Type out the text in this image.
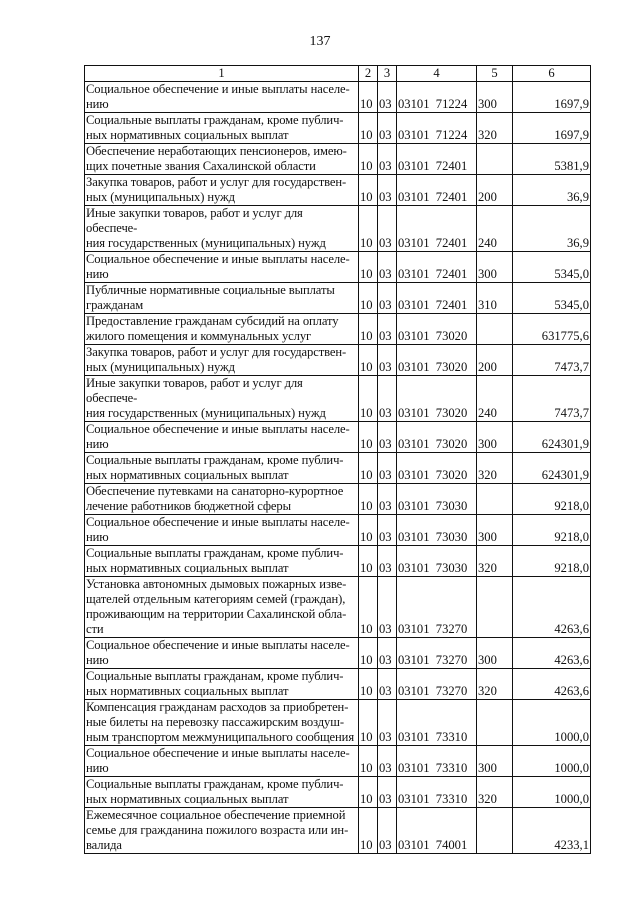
137
1	2	3	4	5	6

Социальное обеспечение и иные выплаты населе-
нию	10	03	03101  71224	300	1697,9

Социальные выплаты гражданам, кроме публич-
ных нормативных социальных выплат	10	03	03101  71224	320	1697,9

Обеспечение неработающих пенсионеров, имею-
щих почетные звания Сахалинской области	10	03	03101  72401		5381,9

Закупка товаров, работ и услуг для государствен-
ных (муниципальных) нужд	10	03	03101  72401	200	36,9

Иные закупки товаров, работ и услуг для обеспече-
ния государственных (муниципальных) нужд	10	03	03101  72401	240	36,9

Социальное обеспечение и иные выплаты населе-
нию	10	03	03101  72401	300	5345,0

Публичные нормативные социальные выплаты
гражданам	10	03	03101  72401	310	5345,0

Предоставление гражданам субсидий на оплату
жилого помещения и коммунальных услуг	10	03	03101  73020		631775,6

Закупка товаров, работ и услуг для государствен-
ных (муниципальных) нужд	10	03	03101  73020	200	7473,7

Иные закупки товаров, работ и услуг для обеспече-
ния государственных (муниципальных) нужд	10	03	03101  73020	240	7473,7

Социальное обеспечение и иные выплаты населе-
нию	10	03	03101  73020	300	624301,9

Социальные выплаты гражданам, кроме публич-
ных нормативных социальных выплат	10	03	03101  73020	320	624301,9

Обеспечение путевками на санаторно-курортное
лечение работников бюджетной сферы	10	03	03101  73030		9218,0

Социальное обеспечение и иные выплаты населе-
нию	10	03	03101  73030	300	9218,0

Социальные выплаты гражданам, кроме публич-
ных нормативных социальных выплат	10	03	03101  73030	320	9218,0

Установка автономных дымовых пожарных изве-
щателей отдельным категориям семей (граждан),
проживающим на территории Сахалинской обла-
сти	10	03	03101  73270		4263,6

Социальное обеспечение и иные выплаты населе-
нию	10	03	03101  73270	300	4263,6

Социальные выплаты гражданам, кроме публич-
ных нормативных социальных выплат	10	03	03101  73270	320	4263,6

Компенсация гражданам расходов за приобретен-
ные билеты на перевозку пассажирским воздуш-
ным транспортом межмуниципального сообщения	10	03	03101  73310		1000,0

Социальное обеспечение и иные выплаты населе-
нию	10	03	03101  73310	300	1000,0

Социальные выплаты гражданам, кроме публич-
ных нормативных социальных выплат	10	03	03101  73310	320	1000,0

Ежемесячное социальное обеспечение приемной
семье для гражданина пожилого возраста или ин-
валида	10	03	03101  74001		4233,1
